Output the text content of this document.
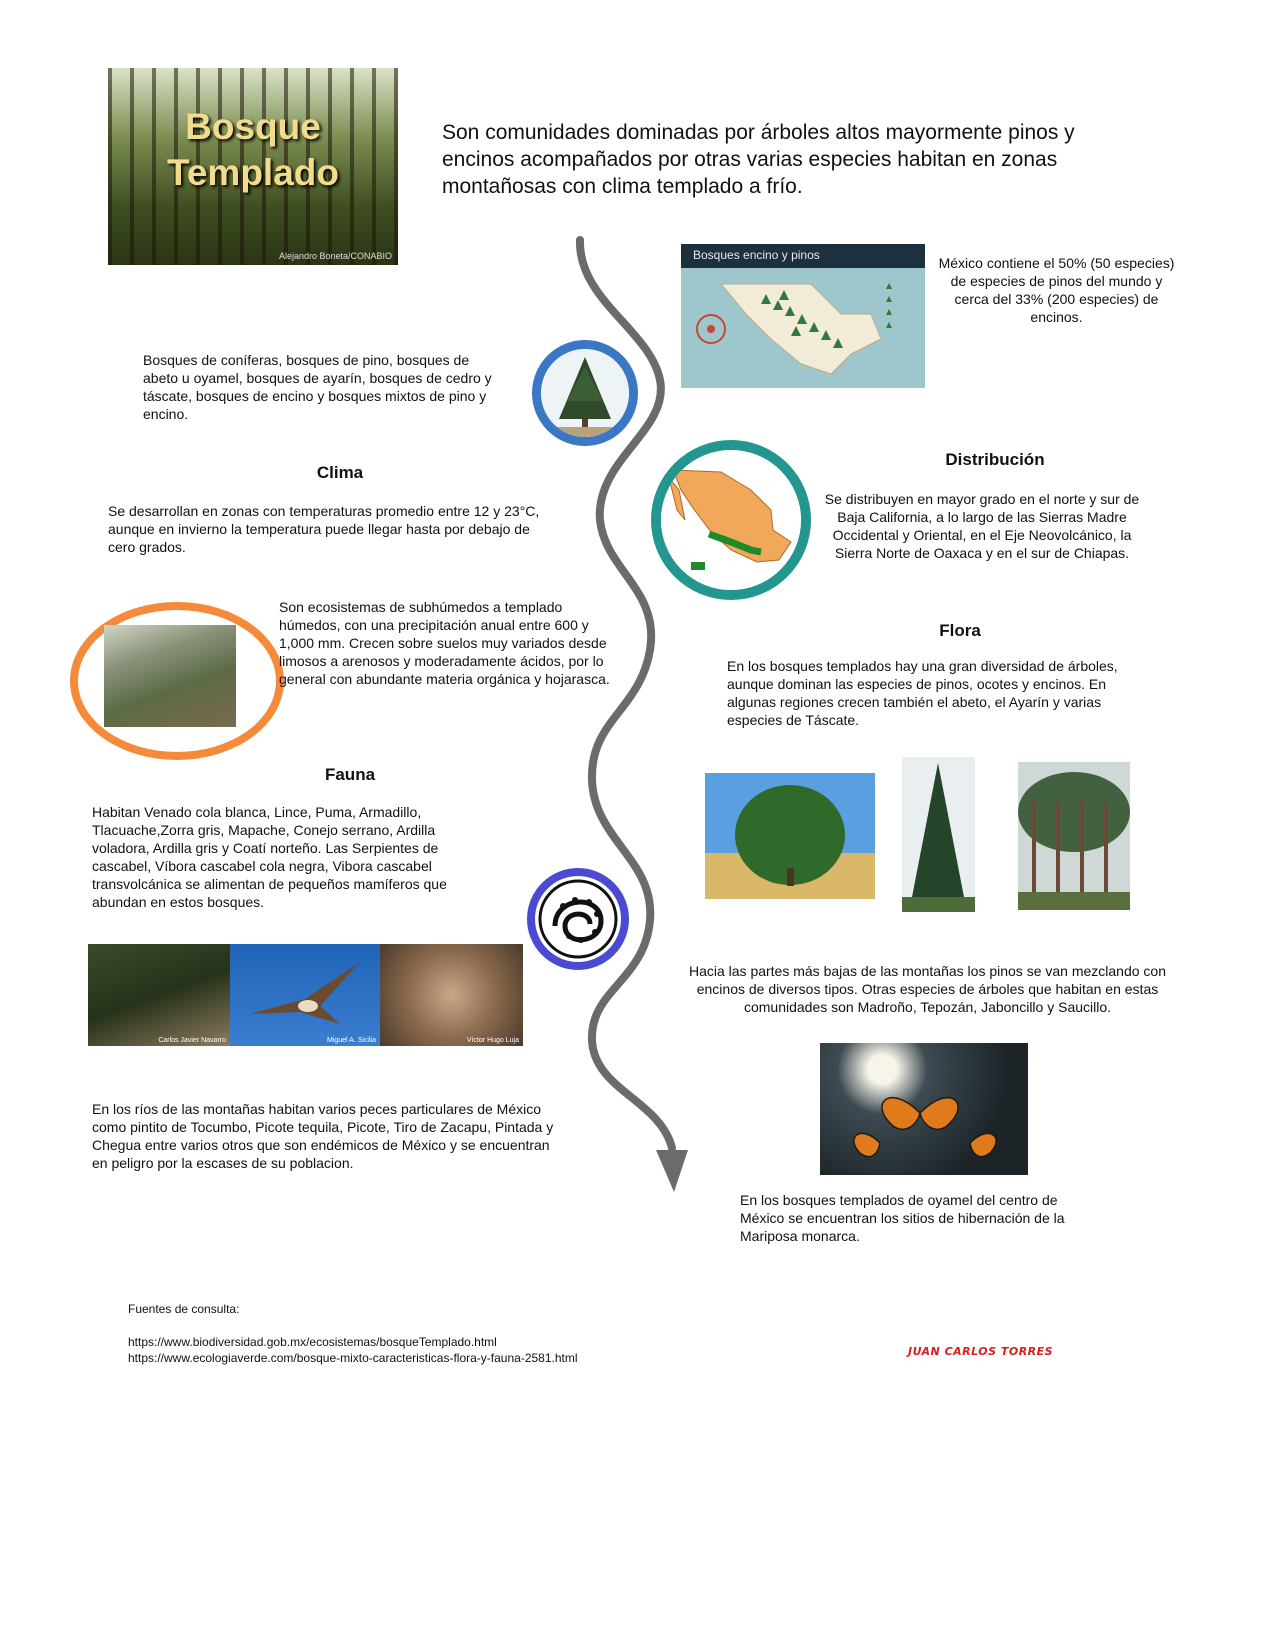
Bosque
Templado
Alejandro Boneta/CONABIO

Son comunidades dominadas por árboles altos mayormente pinos y encinos acompañados por otras varias especies habitan en zonas montañosas con clima templado a frío.

Bosques encino y pinos	México contiene el 50% (50 especies) de especies de pinos del mundo y cerca del 33% (200 especies) de encinos.

Bosques de coníferas, bosques de pino, bosques de abeto u oyamel, bosques de ayarín, bosques de cedro y táscate, bosques de encino y bosques mixtos de pino y encino.

Clima

Se desarrollan en zonas con temperaturas promedio entre 12 y 23°C, aunque en invierno la temperatura puede llegar hasta por debajo de cero grados.

Distribución

Se distribuyen en mayor grado en el norte y sur de Baja California, a lo largo de las Sierras Madre Occidental y Oriental, en el Eje Neovolcánico, la Sierra Norte de Oaxaca y en el sur de Chiapas.

Son ecosistemas de subhúmedos a templado húmedos, con una precipitación anual entre 600 y 1,000 mm. Crecen sobre suelos muy variados desde limosos a arenosos y moderadamente ácidos, por lo general con abundante materia orgánica y hojarasca.

Flora

En los bosques templados hay una gran diversidad de árboles, aunque dominan las especies de pinos, ocotes y encinos. En algunas regiones crecen también el abeto, el Ayarín y varias especies de Táscate.

Fauna

Habitan Venado cola blanca, Lince, Puma, Armadillo, Tlacuache,Zorra gris, Mapache, Conejo serrano, Ardilla voladora, Ardilla gris y Coatí norteño. Las Serpientes de cascabel, Víbora cascabel cola negra, Vibora cascabel transvolcánica se alimentan de pequeños mamíferos que abundan en estos bosques.

Carlos Javier Navarro	Miguel A. Sicilia	Víctor Hugo Luja

Hacia las partes más bajas de las montañas los pinos se van mezclando con encinos de diversos tipos. Otras especies de árboles que habitan en estas comunidades son Madroño, Tepozán, Jaboncillo y Saucillo.

En los ríos de las montañas habitan varios peces particulares de México como pintito de Tocumbo, Picote tequila, Picote, Tiro de Zacapu, Pintada y Chegua entre varios otros que son endémicos de México y se encuentran en peligro por la escases de su poblacion.

En los bosques templados de oyamel del centro de México se encuentran los sitios de hibernación de la Mariposa monarca.

Fuentes de consulta:
https://www.biodiversidad.gob.mx/ecosistemas/bosqueTemplado.html
https://www.ecologiaverde.com/bosque-mixto-caracteristicas-flora-y-fauna-2581.html	JUAN CARLOS TORRES
